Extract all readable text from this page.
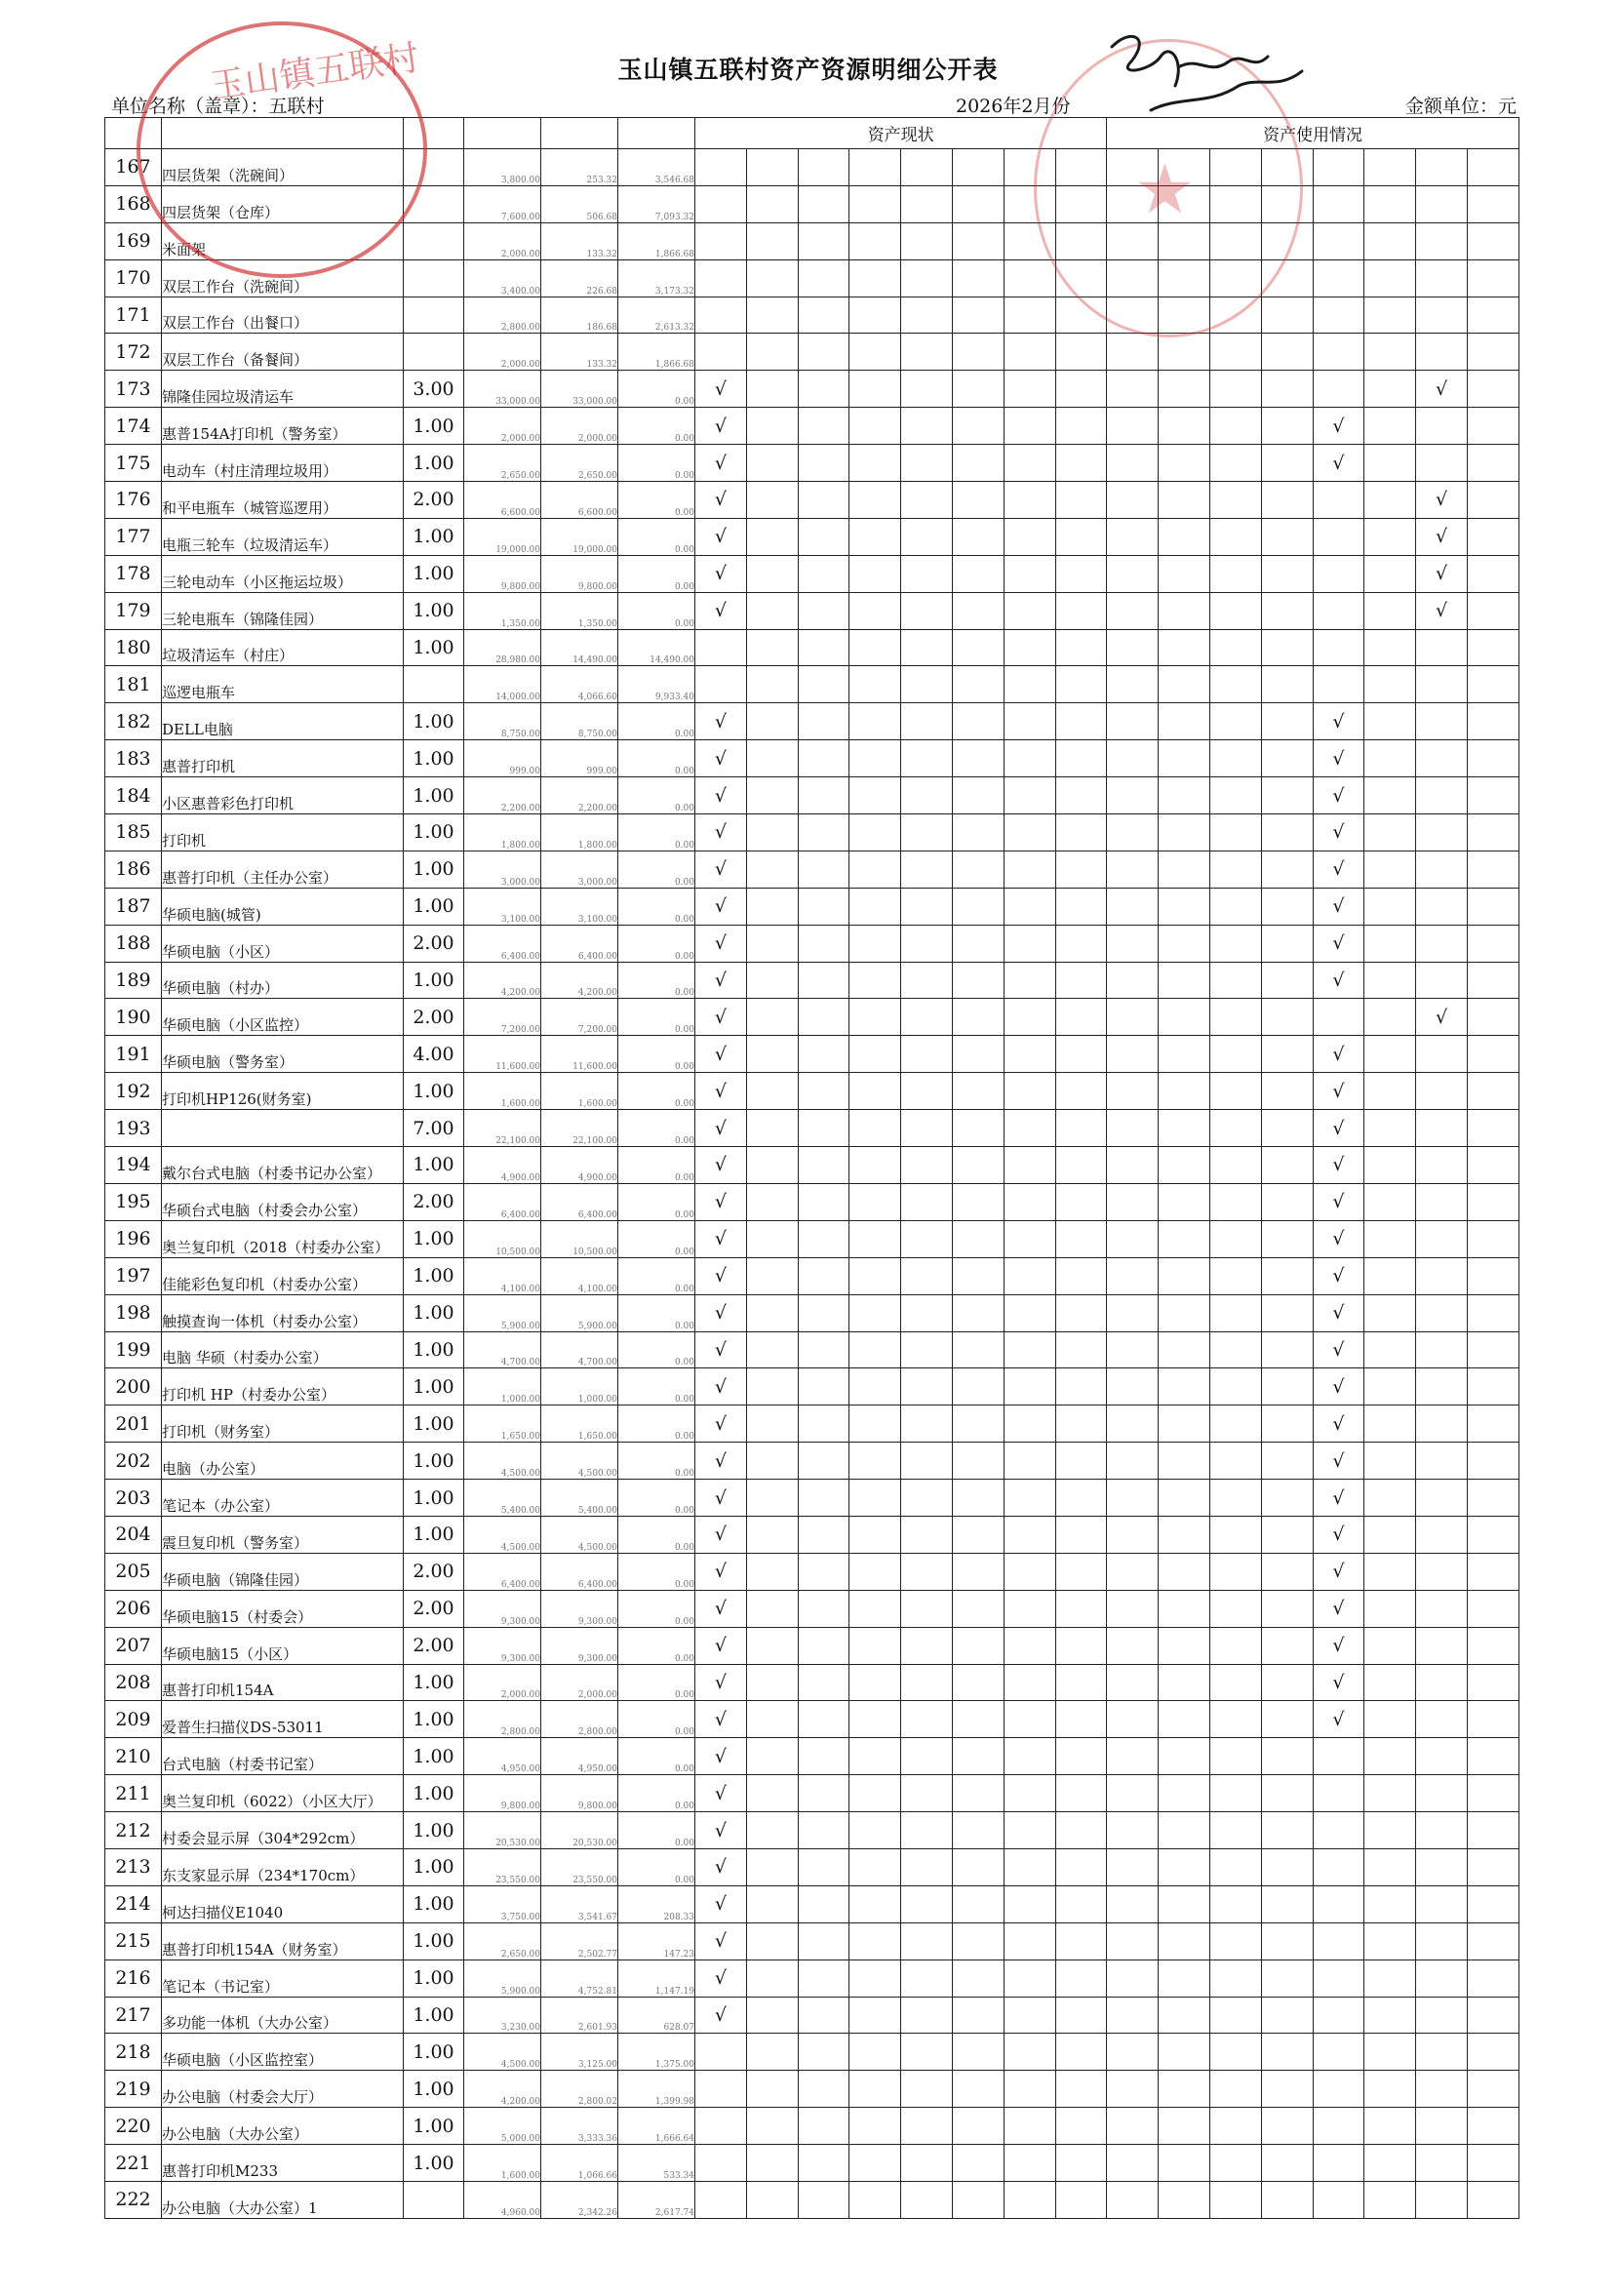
玉山镇五联村资产资源明细公开表
单位名称（盖章）：五联村	2026年2月份	金额单位：元
						资产现状								资产使用情况							
167	四层货架（洗碗间）		3,800.00	253.32	3,546.68																
168	四层货架（仓库）		7,600.00	506.68	7,093.32																
169	米面架		2,000.00	133.32	1,866.68																
170	双层工作台（洗碗间）		3,400.00	226.68	3,173.32																
171	双层工作台（出餐口）		2,800.00	186.68	2,613.32																
172	双层工作台（备餐间）		2,000.00	133.32	1,866.68																
173	锦隆佳园垃圾清运车	3.00	33,000.00	33,000.00	0.00	√														√	
174	惠普154A打印机（警务室）	1.00	2,000.00	2,000.00	0.00	√												√			
175	电动车（村庄清理垃圾用）	1.00	2,650.00	2,650.00	0.00	√												√			
176	和平电瓶车（城管巡逻用）	2.00	6,600.00	6,600.00	0.00	√														√	
177	电瓶三轮车（垃圾清运车）	1.00	19,000.00	19,000.00	0.00	√														√	
178	三轮电动车（小区拖运垃圾）	1.00	9,800.00	9,800.00	0.00	√														√	
179	三轮电瓶车（锦隆佳园）	1.00	1,350.00	1,350.00	0.00	√														√	
180	垃圾清运车（村庄）	1.00	28,980.00	14,490.00	14,490.00																
181	巡逻电瓶车		14,000.00	4,066.60	9,933.40																
182	DELL电脑	1.00	8,750.00	8,750.00	0.00	√												√			
183	惠普打印机	1.00	999.00	999.00	0.00	√												√			
184	小区惠普彩色打印机	1.00	2,200.00	2,200.00	0.00	√												√			
185	打印机	1.00	1,800.00	1,800.00	0.00	√												√			
186	惠普打印机（主任办公室）	1.00	3,000.00	3,000.00	0.00	√												√			
187	华硕电脑(城管)	1.00	3,100.00	3,100.00	0.00	√												√			
188	华硕电脑（小区）	2.00	6,400.00	6,400.00	0.00	√												√			
189	华硕电脑（村办）	1.00	4,200.00	4,200.00	0.00	√												√			
190	华硕电脑（小区监控）	2.00	7,200.00	7,200.00	0.00	√														√	
191	华硕电脑（警务室）	4.00	11,600.00	11,600.00	0.00	√												√			
192	打印机HP126(财务室)	1.00	1,600.00	1,600.00	0.00	√												√			
193		7.00	22,100.00	22,100.00	0.00	√												√			
194	戴尔台式电脑（村委书记办公室）	1.00	4,900.00	4,900.00	0.00	√												√			
195	华硕台式电脑（村委会办公室）	2.00	6,400.00	6,400.00	0.00	√												√			
196	奥兰复印机（2018（村委办公室）	1.00	10,500.00	10,500.00	0.00	√												√			
197	佳能彩色复印机（村委办公室）	1.00	4,100.00	4,100.00	0.00	√												√			
198	触摸查询一体机（村委办公室）	1.00	5,900.00	5,900.00	0.00	√												√			
199	电脑 华硕（村委办公室）	1.00	4,700.00	4,700.00	0.00	√												√			
200	打印机 HP（村委办公室）	1.00	1,000.00	1,000.00	0.00	√												√			
201	打印机（财务室）	1.00	1,650.00	1,650.00	0.00	√												√			
202	电脑（办公室）	1.00	4,500.00	4,500.00	0.00	√												√			
203	笔记本（办公室）	1.00	5,400.00	5,400.00	0.00	√												√			
204	震旦复印机（警务室）	1.00	4,500.00	4,500.00	0.00	√												√			
205	华硕电脑（锦隆佳园）	2.00	6,400.00	6,400.00	0.00	√												√			
206	华硕电脑15（村委会）	2.00	9,300.00	9,300.00	0.00	√												√			
207	华硕电脑15（小区）	2.00	9,300.00	9,300.00	0.00	√												√			
208	惠普打印机154A	1.00	2,000.00	2,000.00	0.00	√												√			
209	爱普生扫描仪DS-53011	1.00	2,800.00	2,800.00	0.00	√												√			
210	台式电脑（村委书记室）	1.00	4,950.00	4,950.00	0.00	√															
211	奥兰复印机（6022）（小区大厅）	1.00	9,800.00	9,800.00	0.00	√															
212	村委会显示屏（304*292cm）	1.00	20,530.00	20,530.00	0.00	√															
213	东支家显示屏（234*170cm）	1.00	23,550.00	23,550.00	0.00	√															
214	柯达扫描仪E1040	1.00	3,750.00	3,541.67	208.33	√															
215	惠普打印机154A（财务室）	1.00	2,650.00	2,502.77	147.23	√															
216	笔记本（书记室）	1.00	5,900.00	4,752.81	1,147.19	√															
217	多功能一体机（大办公室）	1.00	3,230.00	2,601.93	628.07	√															
218	华硕电脑（小区监控室）	1.00	4,500.00	3,125.00	1,375.00																
219	办公电脑（村委会大厅）	1.00	4,200.00	2,800.02	1,399.98																
220	办公电脑（大办公室）	1.00	5,000.00	3,333.36	1,666.64																
221	惠普打印机M233	1.00	1,600.00	1,066.66	533.34																
222	办公电脑（大办公室）1		4,960.00	2,342.26	2,617.74																
玉山镇五联村
★
